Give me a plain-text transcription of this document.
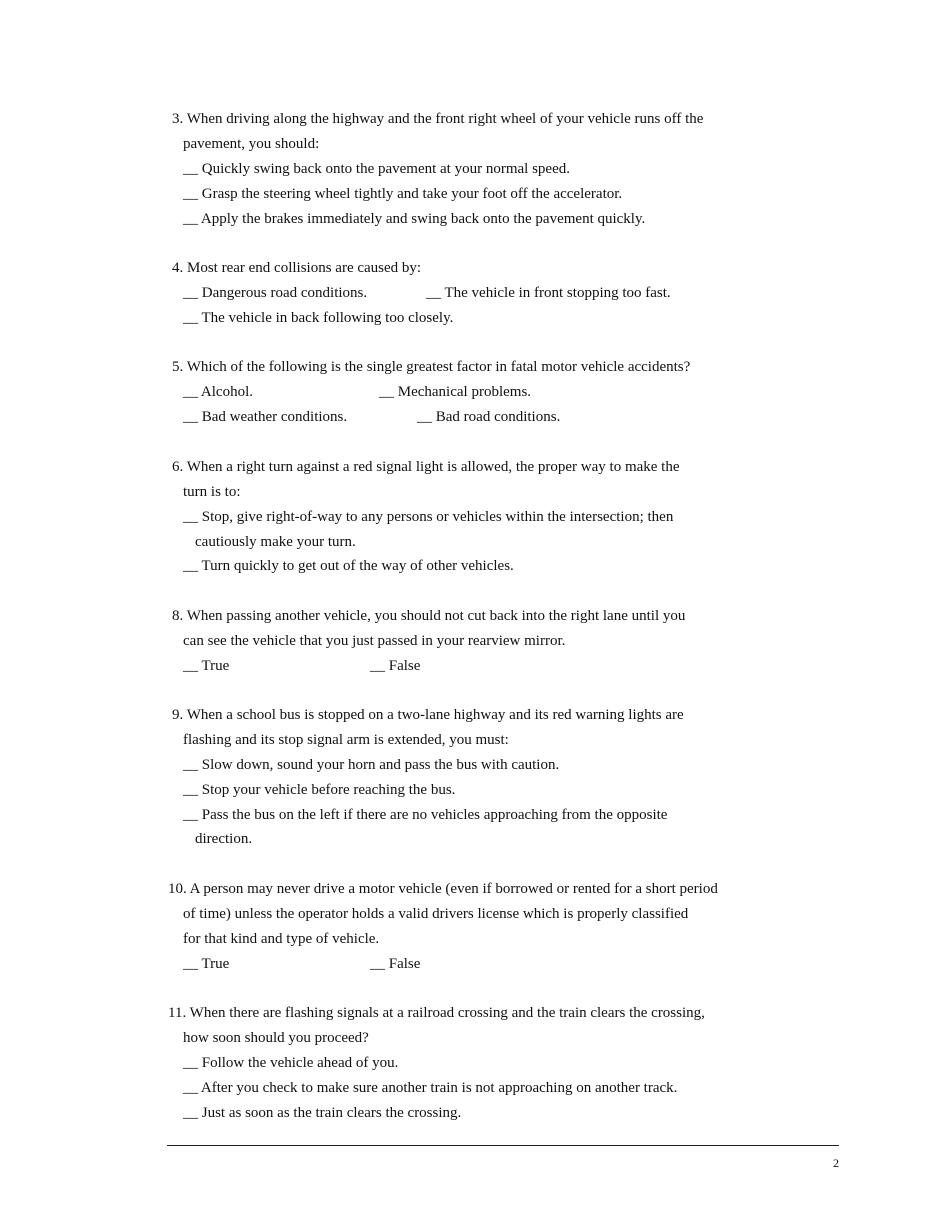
3. When driving along the highway and the front right wheel of your vehicle runs off the
pavement, you should:
__ Quickly swing back onto the pavement at your normal speed.
__ Grasp the steering wheel tightly and take your foot off the accelerator.
__ Apply the brakes immediately and swing back onto the pavement quickly.
4. Most rear end collisions are caused by:
__ Dangerous road conditions.	__ The vehicle in front stopping too fast.
__ The vehicle in back following too closely.
5. Which of the following is the single greatest factor in fatal motor vehicle accidents?
__ Alcohol.	__ Mechanical problems.
__ Bad weather conditions.	__ Bad road conditions.
6. When a right turn against a red signal light is allowed, the proper way to make the
turn is to:
__ Stop, give right-of-way to any persons or vehicles within the intersection; then
cautiously make your turn.
__ Turn quickly to get out of the way of other vehicles.
8. When passing another vehicle, you should not cut back into the right lane until you
can see the vehicle that you just passed in your rearview mirror.
__ True	__ False
9. When a school bus is stopped on a two-lane highway and its red warning lights are
flashing and its stop signal arm is extended, you must:
__ Slow down, sound your horn and pass the bus with caution.
__ Stop your vehicle before reaching the bus.
__ Pass the bus on the left if there are no vehicles approaching from the opposite
direction.
10. A person may never drive a motor vehicle (even if borrowed or rented for a short period
of time) unless the operator holds a valid drivers license which is properly classified
for that kind and type of vehicle.
__ True	__ False
11. When there are flashing signals at a railroad crossing and the train clears the crossing,
how soon should you proceed?
__ Follow the vehicle ahead of you.
__ After you check to make sure another train is not approaching on another track.
__ Just as soon as the train clears the crossing.
2
